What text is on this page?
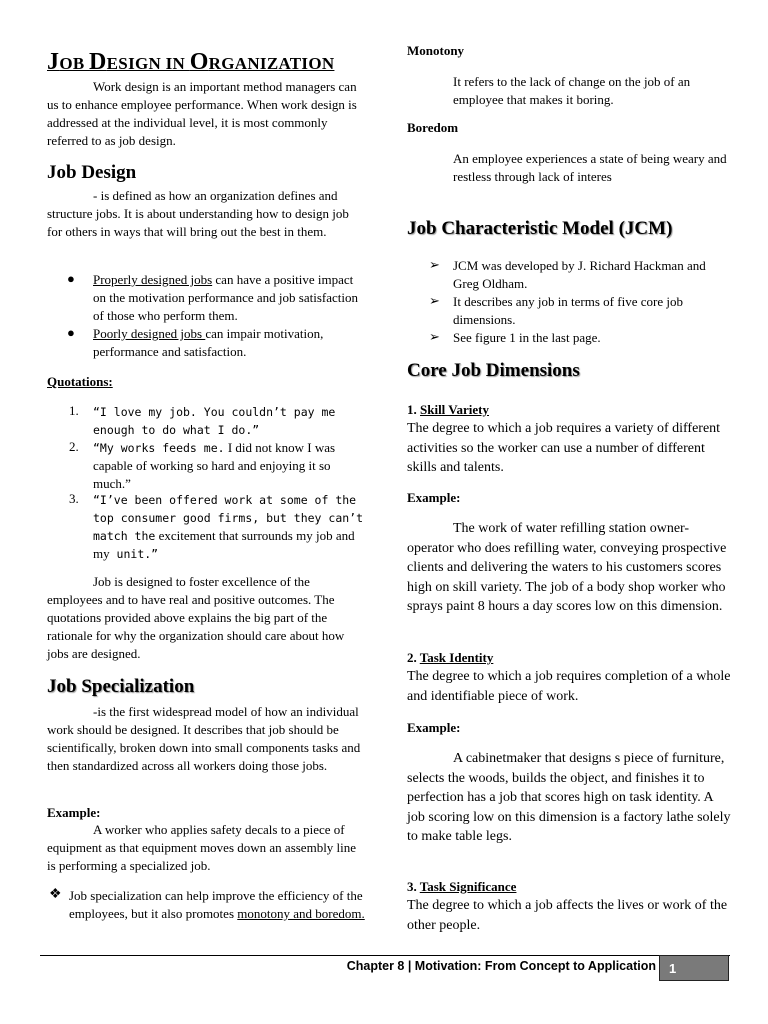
JOB DESIGN IN ORGANIZATION

Work design is an important method managers can us to enhance employee performance. When work design is addressed at the individual level, it is most commonly referred to as job design.

Job Design

- is defined as how an organization defines and structure jobs. It is about understanding how to design job for others in ways that will bring out the best in them.

● Properly designed jobs can have a positive impact on the motivation performance and job satisfaction of those who perform them.

● Poorly designed jobs can impair motivation, performance and satisfaction.

Quotations:

1. “I love my job. You couldn’t pay me enough to do what I do.”

2. “My works feeds me. I did not know I was capable of working so hard and enjoying it so much.”

3. “I’ve been offered work at some of the top consumer good firms, but they can’t match the excitement that surrounds my job and my unit.”

Job is designed to foster excellence of the employees and to have real and positive outcomes. The quotations provided above explains the big part of the rationale for why the organization should care about how jobs are designed.

Job Specialization

-is the first widespread model of how an individual work should be designed. It describes that job should be scientifically, broken down into small components tasks and then standardized across all workers doing those jobs.

Example:

A worker who applies safety decals to a piece of equipment as that equipment moves down an assembly line is performing a specialized job.

❖ Job specialization can help improve the efficiency of the employees, but it also promotes monotony and boredom.

Monotony

It refers to the lack of change on the job of an employee that makes it boring.

Boredom

An employee experiences a state of being weary and restless through lack of interes

Job Characteristic Model (JCM)
➢ JCM was developed by J. Richard Hackman and Greg Oldham.

➢ It describes any job in terms of five core job dimensions.

➢ See figure 1 in the last page.

Core Job Dimensions

1. Skill Variety

The degree to which a job requires a variety of different activities so the worker can use a number of different skills and talents.

Example:

The work of water refilling station owner-operator who does refilling water, conveying prospective clients and delivering the waters to his customers scores high on skill variety. The job of a body shop worker who sprays paint 8 hours a day scores low on this dimension.

2. Task Identity

The degree to which a job requires completion of a whole and identifiable piece of work.

Example:

A cabinetmaker that designs s piece of furniture, selects the woods, builds the object, and finishes it to perfection has a job that scores high on task identity. A job scoring low on this dimension is a factory lathe solely to make table legs.

3. Task Significance

The degree to which a job affects the lives or work of the other people.

Chapter 8 | Motivation: From Concept to Application	1
